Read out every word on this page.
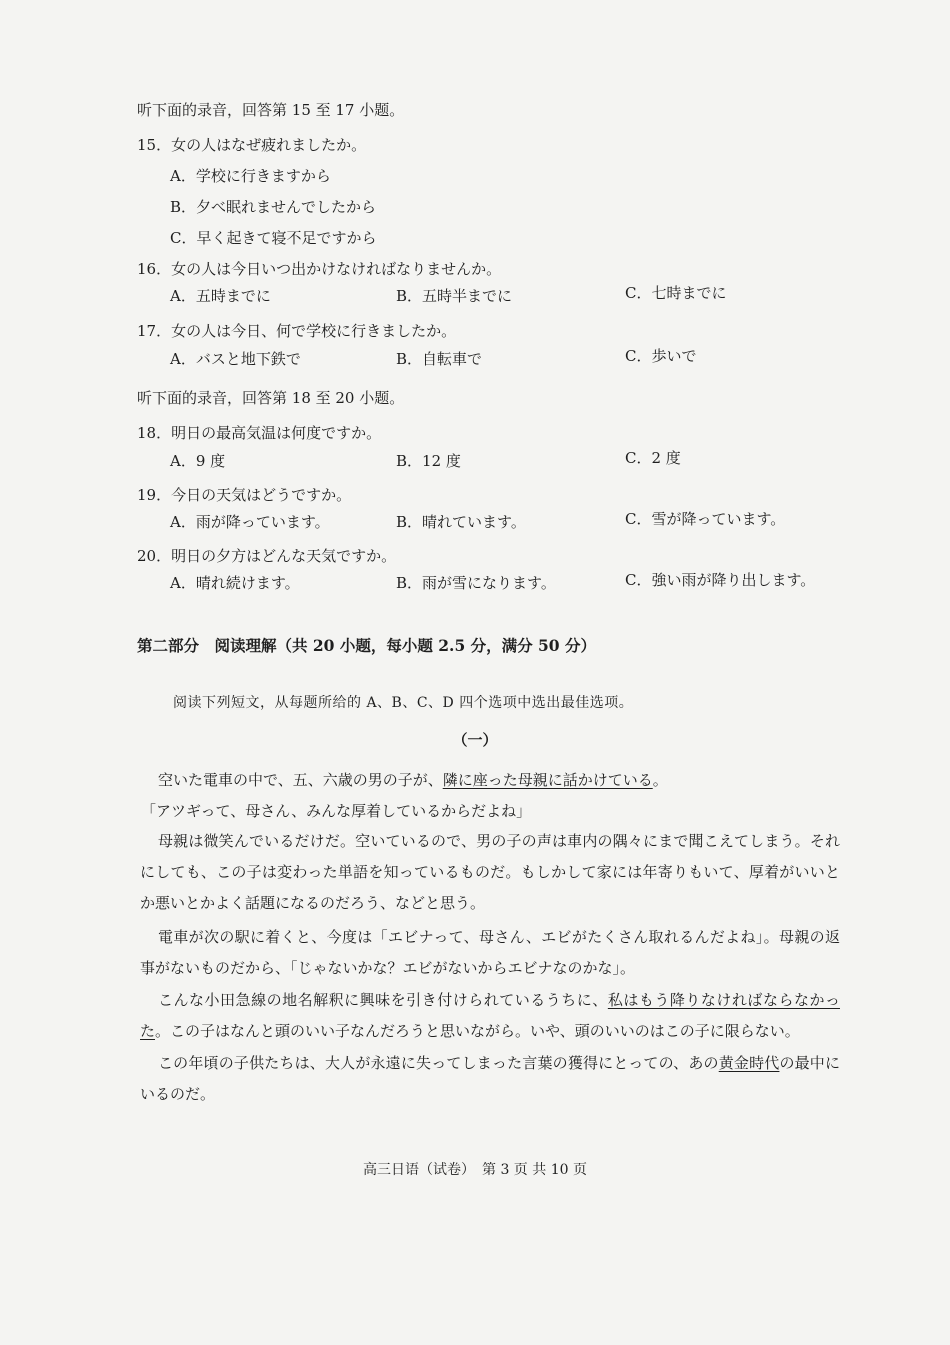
听下面的录音，回答第 15 至 17 小题。
15．女の人はなぜ疲れましたか。
A．学校に行きますから
B．夕べ眠れませんでしたから
C．早く起きて寝不足ですから
16．女の人は今日いつ出かけなければなりませんか。
A．五時までに	B．五時半までに	C．七時までに
17．女の人は今日、何で学校に行きましたか。
A．バスと地下鉄で	B．自転車で	C．歩いで
听下面的录音，回答第 18 至 20 小题。
18．明日の最高気温は何度ですか。
A．9 度	B．12 度	C．2 度
19．今日の天気はどうですか。
A．雨が降っています。	B．晴れています。	C．雪が降っています。
20．明日の夕方はどんな天気ですか。
A．晴れ続けます。	B．雨が雪になります。	C．強い雨が降り出します。
第二部分　阅读理解（共 20 小题，每小题 2.5 分，满分 50 分）
阅读下列短文，从每题所给的 A、B、C、D 四个选项中选出最佳选项。
（一）
空いた電車の中で、五、六歳の男の子が、隣に座った母親に話かけている。
「アツギって、母さん、みんな厚着しているからだよね」
母親は微笑んでいるだけだ。空いているので、男の子の声は車内の隅々にまで聞こえてしまう。それにしても、この子は変わった単語を知っているものだ。もしかして家には年寄りもいて、厚着がいいとか悪いとかよく話題になるのだろう、などと思う。
電車が次の駅に着くと、今度は「エビナって、母さん、エビがたくさん取れるんだよね」。母親の返事がないものだから、「じゃないかな？エビがないからエビナなのかな」。
こんな小田急線の地名解釈に興味を引き付けられているうちに、私はもう降りなければならなかった。この子はなんと頭のいい子なんだろうと思いながら。いや、頭のいいのはこの子に限らない。
この年頃の子供たちは、大人が永遠に失ってしまった言葉の獲得にとっての、あの黄金時代の最中にいるのだ。
高三日语（试卷）　第 3 页 共 10 页
